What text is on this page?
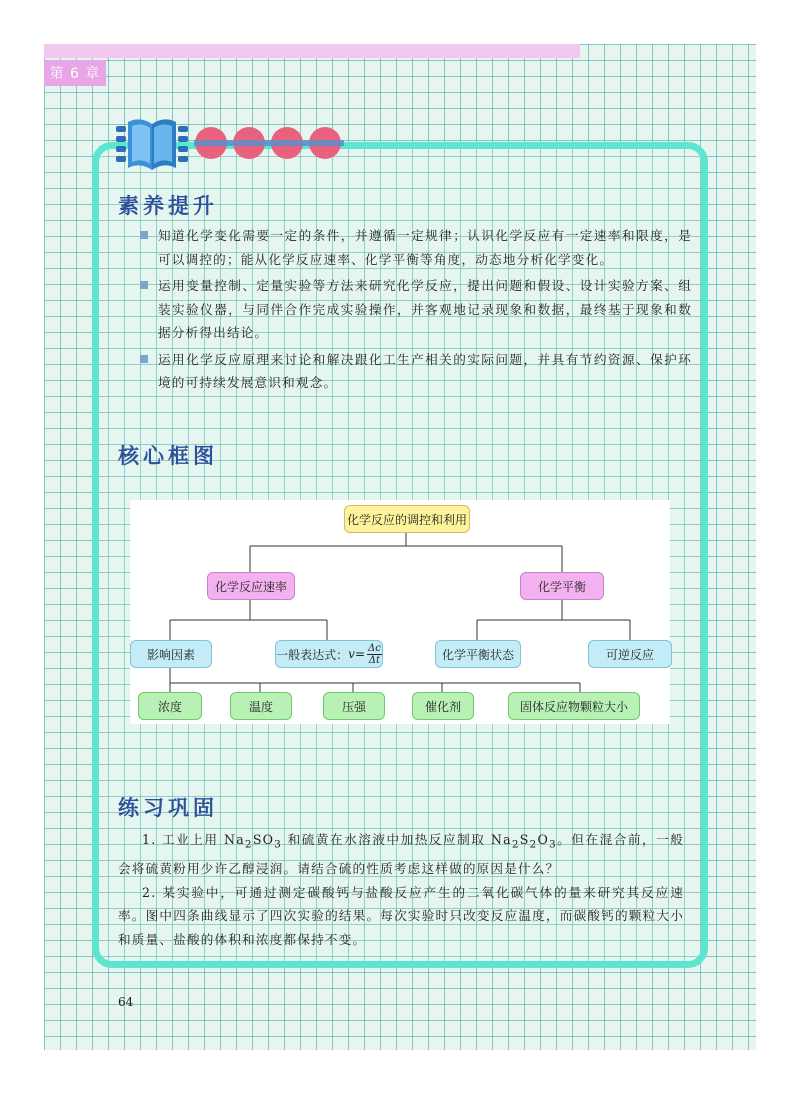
第 6 章
素养提升
知道化学变化需要一定的条件，并遵循一定规律；认识化学反应有一定速率和限度，是可以调控的；能从化学反应速率、化学平衡等角度，动态地分析化学变化。
运用变量控制、定量实验等方法来研究化学反应，提出问题和假设、设计实验方案、组装实验仪器，与同伴合作完成实验操作，并客观地记录现象和数据，最终基于现象和数据分析得出结论。
运用化学反应原理来讨论和解决跟化工生产相关的实际问题，并具有节约资源、保护环境的可持续发展意识和观念。
核心框图
化学反应的调控和利用
化学反应速率	化学平衡
影响因素	一般表达式： $v = \frac{\Delta c}{\Delta t}$	化学平衡状态	可逆反应
浓度	温度	压强	催化剂	固体反应物颗粒大小
练习巩固

1. 工业上用 $Na_2SO_3$ 和硫黄在水溶液中加热反应制取 $Na_2S_2O_3$。但在混合前，一般会将硫黄粉用少许乙醇浸润。请结合硫的性质考虑这样做的原因是什么？

2. 某实验中，可通过测定碳酸钙与盐酸反应产生的二氧化碳气体的量来研究其反应速率。图中四条曲线显示了四次实验的结果。每次实验时只改变反应温度，而碳酸钙的颗粒大小和质量、盐酸的体积和浓度都保持不变。

64
